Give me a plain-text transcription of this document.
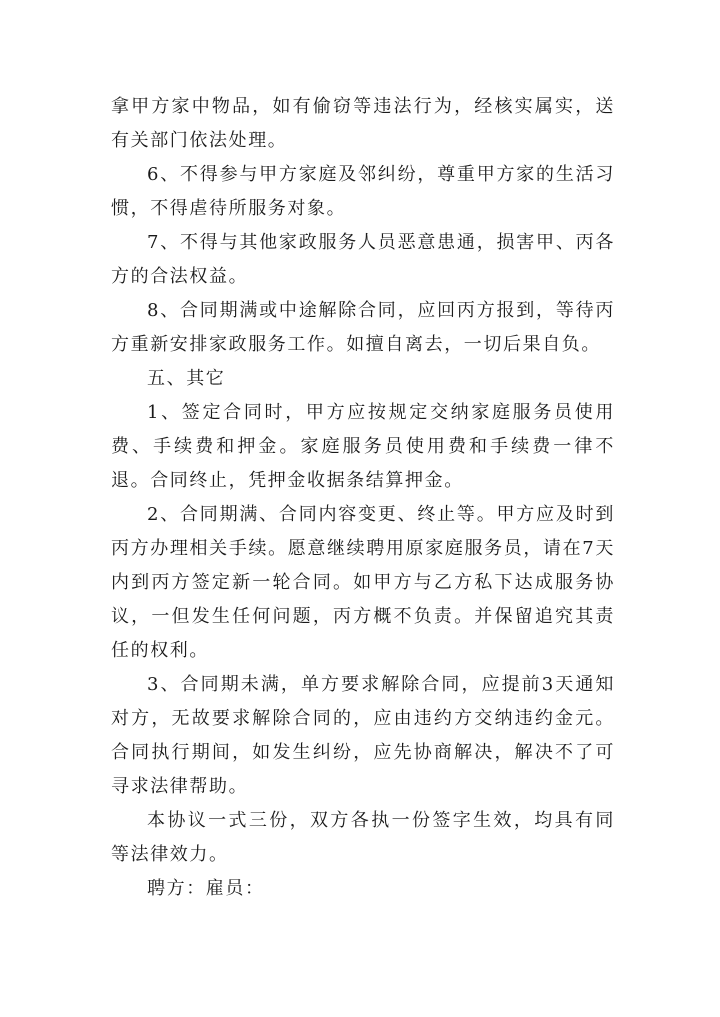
拿甲方家中物品，如有偷窃等违法行为，经核实属实，送有关部门依法处理。

6、不得参与甲方家庭及邻纠纷，尊重甲方家的生活习惯，不得虐待所服务对象。

7、不得与其他家政服务人员恶意患通，损害甲、丙各方的合法权益。

8、合同期满或中途解除合同，应回丙方报到，等待丙方重新安排家政服务工作。如擅自离去，一切后果自负。

五、其它

1、签定合同时，甲方应按规定交纳家庭服务员使用费、手续费和押金。家庭服务员使用费和手续费一律不退。合同终止，凭押金收据条结算押金。

2、合同期满、合同内容变更、终止等。甲方应及时到丙方办理相关手续。愿意继续聘用原家庭服务员，请在7天内到丙方签定新一轮合同。如甲方与乙方私下达成服务协议，一但发生任何问题，丙方概不负责。并保留追究其责任的权利。

3、合同期未满，单方要求解除合同，应提前3天通知对方，无故要求解除合同的，应由违约方交纳违约金元。合同执行期间，如发生纠纷，应先协商解决，解决不了可寻求法律帮助。

本协议一式三份，双方各执一份签字生效，均具有同等法律效力。

聘方：雇员：
